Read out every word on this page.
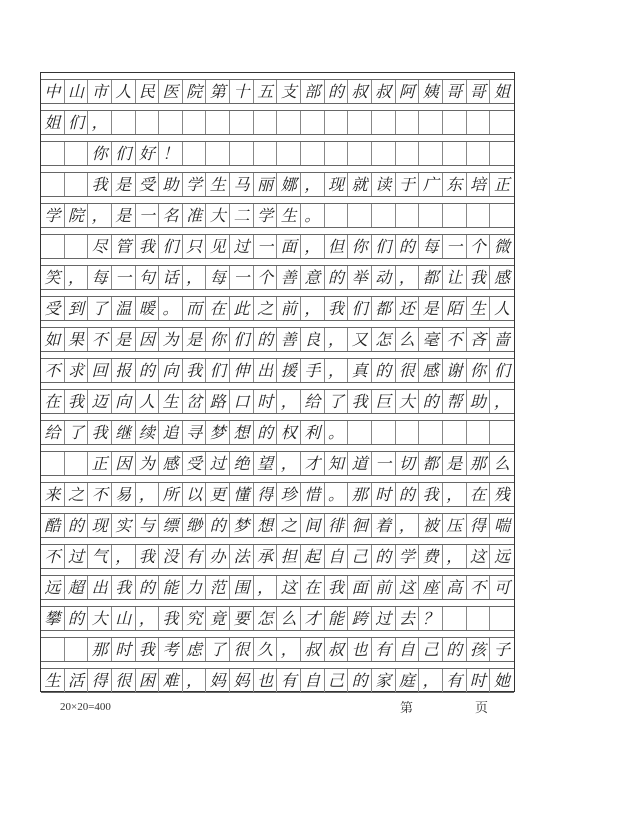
中 山 市 人 民 医 院 第 十 五 支 部 的 叔 叔 阿 姨 哥 哥 姐
姐 们 ，
你 们 好 ！
我 是 受 助 学 生 马 丽 娜 ， 现 就 读 于 广 东 培 正
学 院 ， 是 一 名 准 大 二 学 生 。
尽 管 我 们 只 见 过 一 面 ， 但 你 们 的 每 一 个 微
笑 ， 每 一 句 话 ， 每 一 个 善 意 的 举 动 ， 都 让 我 感
受 到 了 温 暖 。 而 在 此 之 前 ， 我 们 都 还 是 陌 生 人
如 果 不 是 因 为 是 你 们 的 善 良 ， 又 怎 么 毫 不 吝 啬
不 求 回 报 的 向 我 们 伸 出 援 手 ， 真 的 很 感 谢 你 们
在 我 迈 向 人 生 岔 路 口 时 ， 给 了 我 巨 大 的 帮 助 ，
给 了 我 继 续 追 寻 梦 想 的 权 利 。
正 因 为 感 受 过 绝 望 ， 才 知 道 一 切 都 是 那 么
来 之 不 易 ， 所 以 更 懂 得 珍 惜 。 那 时 的 我 ， 在 残
酷 的 现 实 与 缥 缈 的 梦 想 之 间 徘 徊 着 ， 被 压 得 喘
不 过 气 ， 我 没 有 办 法 承 担 起 自 己 的 学 费 ， 这 远
远 超 出 我 的 能 力 范 围 ， 这 在 我 面 前 这 座 高 不 可
攀 的 大 山 ， 我 究 竟 要 怎 么 才 能 跨 过 去 ？
那 时 我 考 虑 了 很 久 ， 叔 叔 也 有 自 己 的 孩 子
生 活 得 很 困 难 ， 妈 妈 也 有 自 己 的 家 庭 ， 有 时 她
20×20=400	第	页
